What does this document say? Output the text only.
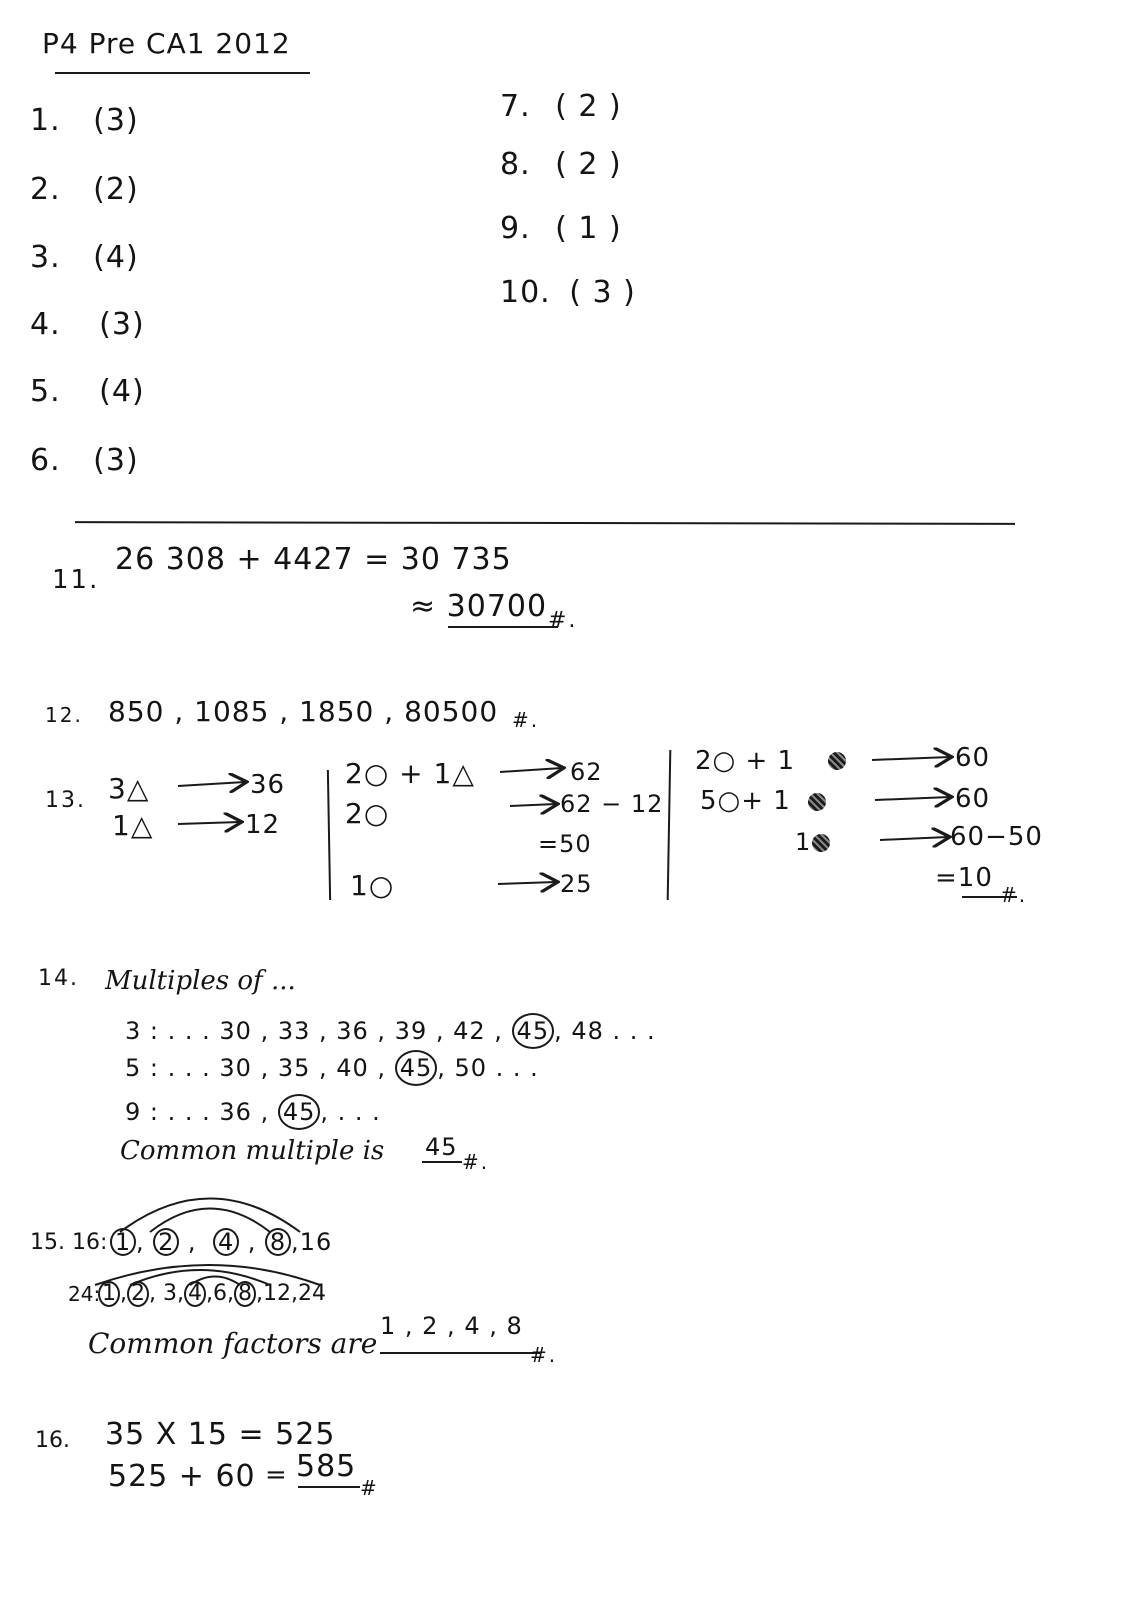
P4 Pre CA1 2012
1. (3)
2. (2)
3. (4)
4. (3)
5. (4)
6. (3)
7. ( 2 )
8. ( 2 )
9. ( 1 )
10. ( 3 )
11.
26 308 + 4427 = 30 735
≈ 30700 #.
12. 850 , 1085 , 1850 , 80500 #.
13. 3△	36
1△	12
2○ + 1△	62
2○	62 − 12
=50
1○	25
2○ + 1	60
5○+ 1	60
1	60−50
=10
#.
14. Multiples of ...
3 : . . . 30 , 33 , 36 , 39 , 42 , 45 , 48 . . .
5 : . . . 30 , 35 , 40 , 45 , 50 . . .
9 : . . . 36 , 45 , . . .
Common multiple is 45
#.
15. 16: 1 , 2 , 4 , 8 ,16
24: 1 , 2 , 3, 4 ,6, 8 ,12,24
Common factors are
1 , 2 , 4 , 8
#.
16. 35 X 15 = 525
525 + 60 = 585
#
